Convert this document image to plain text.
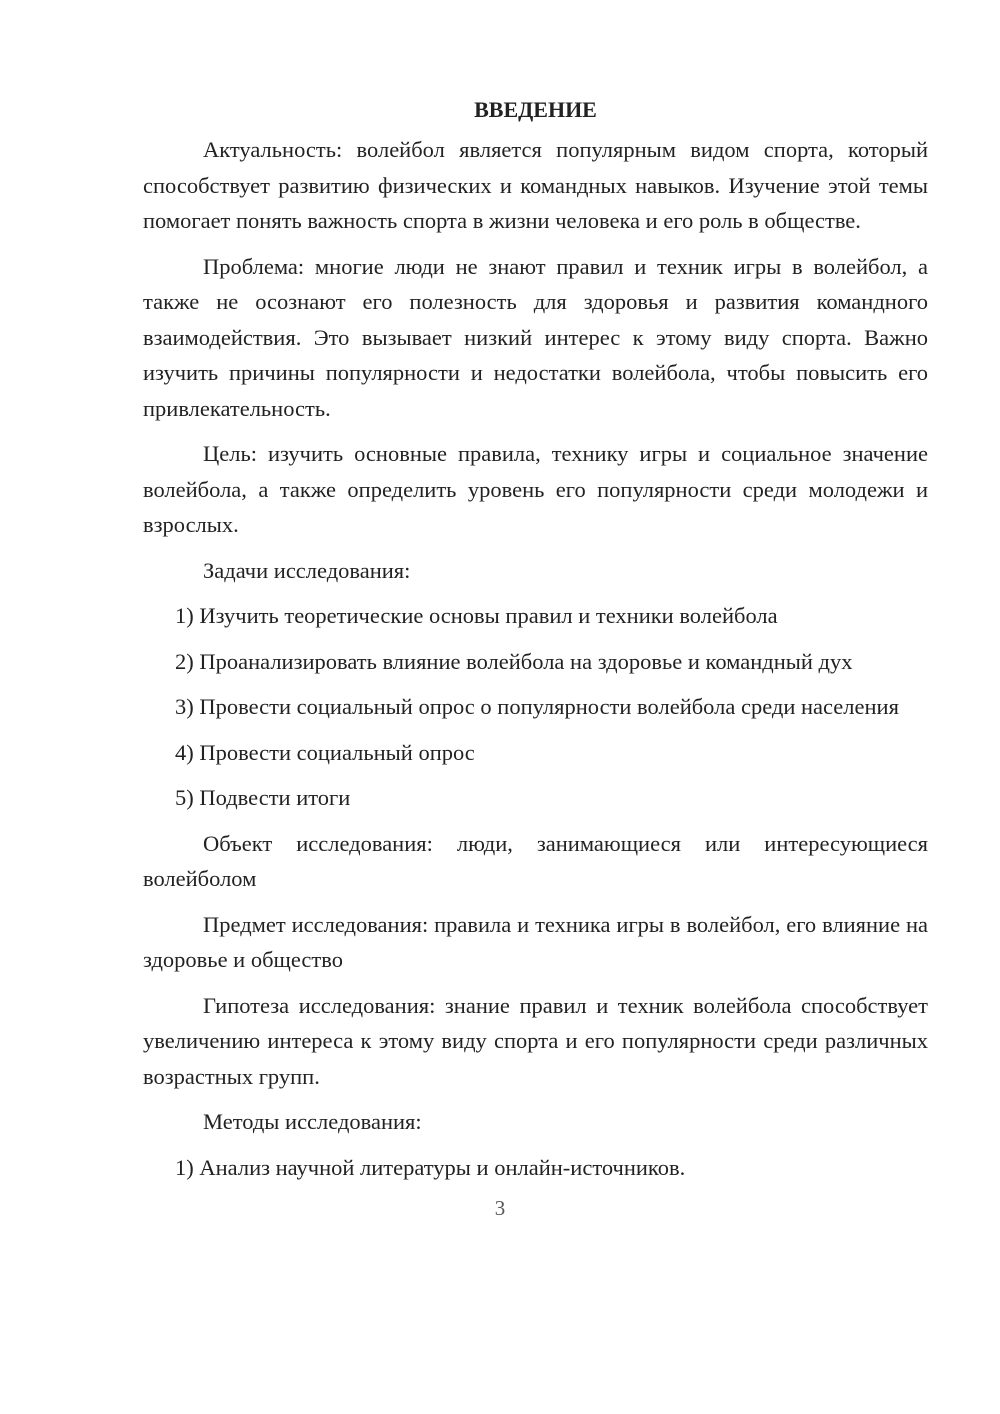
ВВЕДЕНИЕ
Актуальность: волейбол является популярным видом спорта, который способствует развитию физических и командных навыков. Изучение этой темы помогает понять важность спорта в жизни человека и его роль в обществе.
Проблема: многие люди не знают правил и техник игры в волейбол, а также не осознают его полезность для здоровья и развития командного взаимодействия. Это вызывает низкий интерес к этому виду спорта. Важно изучить причины популярности и недостатки волейбола, чтобы повысить его привлекательность.
Цель: изучить основные правила, технику игры и социальное значение волейбола, а также определить уровень его популярности среди молодежи и взрослых.
Задачи исследования:
1) Изучить теоретические основы правил и техники волейбола
2) Проанализировать влияние волейбола на здоровье и командный дух
3) Провести социальный опрос о популярности волейбола среди населения
4) Провести социальный опрос
5) Подвести итоги
Объект исследования: люди, занимающиеся или интересующиеся волейболом
Предмет исследования: правила и техника игры в волейбол, его влияние на здоровье и общество
Гипотеза исследования: знание правил и техник волейбола способствует увеличению интереса к этому виду спорта и его популярности среди различных возрастных групп.
Методы исследования:
1) Анализ научной литературы и онлайн-источников.
3
